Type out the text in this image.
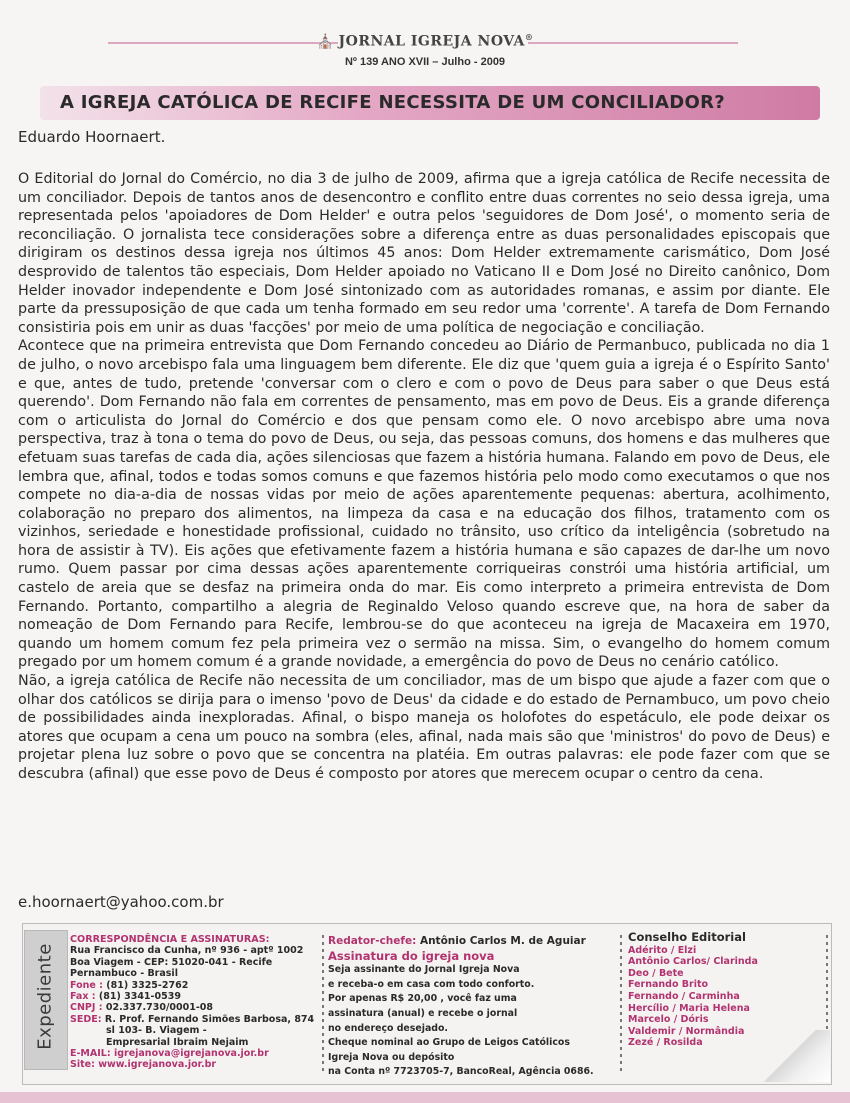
⛪ JORNAL IGREJA NOVA®
Nº 139 ANO XVII – Julho - 2009
A IGREJA CATÓLICA DE RECIFE NECESSITA DE UM CONCILIADOR?
Eduardo Hoornaert.

O Editorial do Jornal do Comércio, no dia 3 de julho de 2009, afirma que a igreja católica de Recife necessita de um conciliador. Depois de tantos anos de desencontro e conflito entre duas correntes no seio dessa igreja, uma representada pelos 'apoiadores de Dom Helder' e outra pelos 'seguidores de Dom José', o momento seria de reconciliação. O jornalista tece considerações sobre a diferença entre as duas personalidades episcopais que dirigiram os destinos dessa igreja nos últimos 45 anos: Dom Helder extremamente carismático, Dom José desprovido de talentos tão especiais, Dom Helder apoiado no Vaticano II e Dom José no Direito canônico, Dom Helder inovador independente e Dom José sintonizado com as autoridades romanas, e assim por diante. Ele parte da pressuposição de que cada um tenha formado em seu redor uma 'corrente'. A tarefa de Dom Fernando consistiria pois em unir as duas 'facções' por meio de uma política de negociação e conciliação.

Acontece que na primeira entrevista que Dom Fernando concedeu ao Diário de Permanbuco, publicada no dia 1 de julho, o novo arcebispo fala uma linguagem bem diferente. Ele diz que 'quem guia a igreja é o Espírito Santo' e que, antes de tudo, pretende 'conversar com o clero e com o povo de Deus para saber o que Deus está querendo'. Dom Fernando não fala em correntes de pensamento, mas em povo de Deus. Eis a grande diferença com o articulista do Jornal do Comércio e dos que pensam como ele. O novo arcebispo abre uma nova perspectiva, traz à tona o tema do povo de Deus, ou seja, das pessoas comuns, dos homens e das mulheres que efetuam suas tarefas de cada dia, ações silenciosas que fazem a história humana. Falando em povo de Deus, ele lembra que, afinal, todos e todas somos comuns e que fazemos história pelo modo como executamos o que nos compete no dia-a-dia de nossas vidas por meio de ações aparentemente pequenas: abertura, acolhimento, colaboração no preparo dos alimentos, na limpeza da casa e na educação dos filhos, tratamento com os vizinhos, seriedade e honestidade profissional, cuidado no trânsito, uso crítico da inteligência (sobretudo na hora de assistir à TV). Eis ações que efetivamente fazem a história humana e são capazes de dar-lhe um novo rumo. Quem passar por cima dessas ações aparentemente corriqueiras constrói uma história artificial, um castelo de areia que se desfaz na primeira onda do mar. Eis como interpreto a primeira entrevista de Dom Fernando. Portanto, compartilho a alegria de Reginaldo Veloso quando escreve que, na hora de saber da nomeação de Dom Fernando para Recife, lembrou-se do que aconteceu na igreja de Macaxeira em 1970, quando um homem comum fez pela primeira vez o sermão na missa. Sim, o evangelho do homem comum pregado por um homem comum é a grande novidade, a emergência do povo de Deus no cenário católico.

Não, a igreja católica de Recife não necessita de um conciliador, mas de um bispo que ajude a fazer com que o olhar dos católicos se dirija para o imenso 'povo de Deus' da cidade e do estado de Pernambuco, um povo cheio de possibilidades ainda inexploradas. Afinal, o bispo maneja os holofotes do espetáculo, ele pode deixar os atores que ocupam a cena um pouco na sombra (eles, afinal, nada mais são que 'ministros' do povo de Deus) e projetar plena luz sobre o povo que se concentra na platéia. Em outras palavras: ele pode fazer com que se descubra (afinal) que esse povo de Deus é composto por atores que merecem ocupar o centro da cena.

e.hoornaert@yahoo.com.br
Expediente
CORRESPONDÊNCIA E ASSINATURAS:
Rua Francisco da Cunha, nº 936 - aptº 1002
Boa Viagem - CEP: 51020-041 - Recife
Pernambuco - Brasil
Fone : (81) 3325-2762
Fax : (81) 3341-0539
CNPJ : 02.337.730/0001-08
SEDE: R. Prof. Fernando Simões Barbosa, 874
sl 103- B. Viagem -
Empresarial Ibraim Nejaim
E-MAIL: igrejanova@igrejanova.jor.br
Site: www.igrejanova.jor.br
Redator-chefe: Antônio Carlos M. de Aguiar
Assinatura do igreja nova
Seja assinante do Jornal Igreja Nova
e receba-o em casa com todo conforto.
Por apenas R$ 20,00 , você faz uma
assinatura (anual) e recebe o jornal
no endereço desejado.
Cheque nominal ao Grupo de Leigos Católicos
Igreja Nova ou depósito
na Conta nº 7723705-7, BancoReal, Agência 0686.
Conselho Editorial
Adérito / Elzi
Antônio Carlos/ Clarinda
Deo / Bete
Fernando Brito
Fernando / Carminha
Hercílio / Maria Helena
Marcelo / Dóris
Valdemir / Normândia
Zezé / Rosilda
